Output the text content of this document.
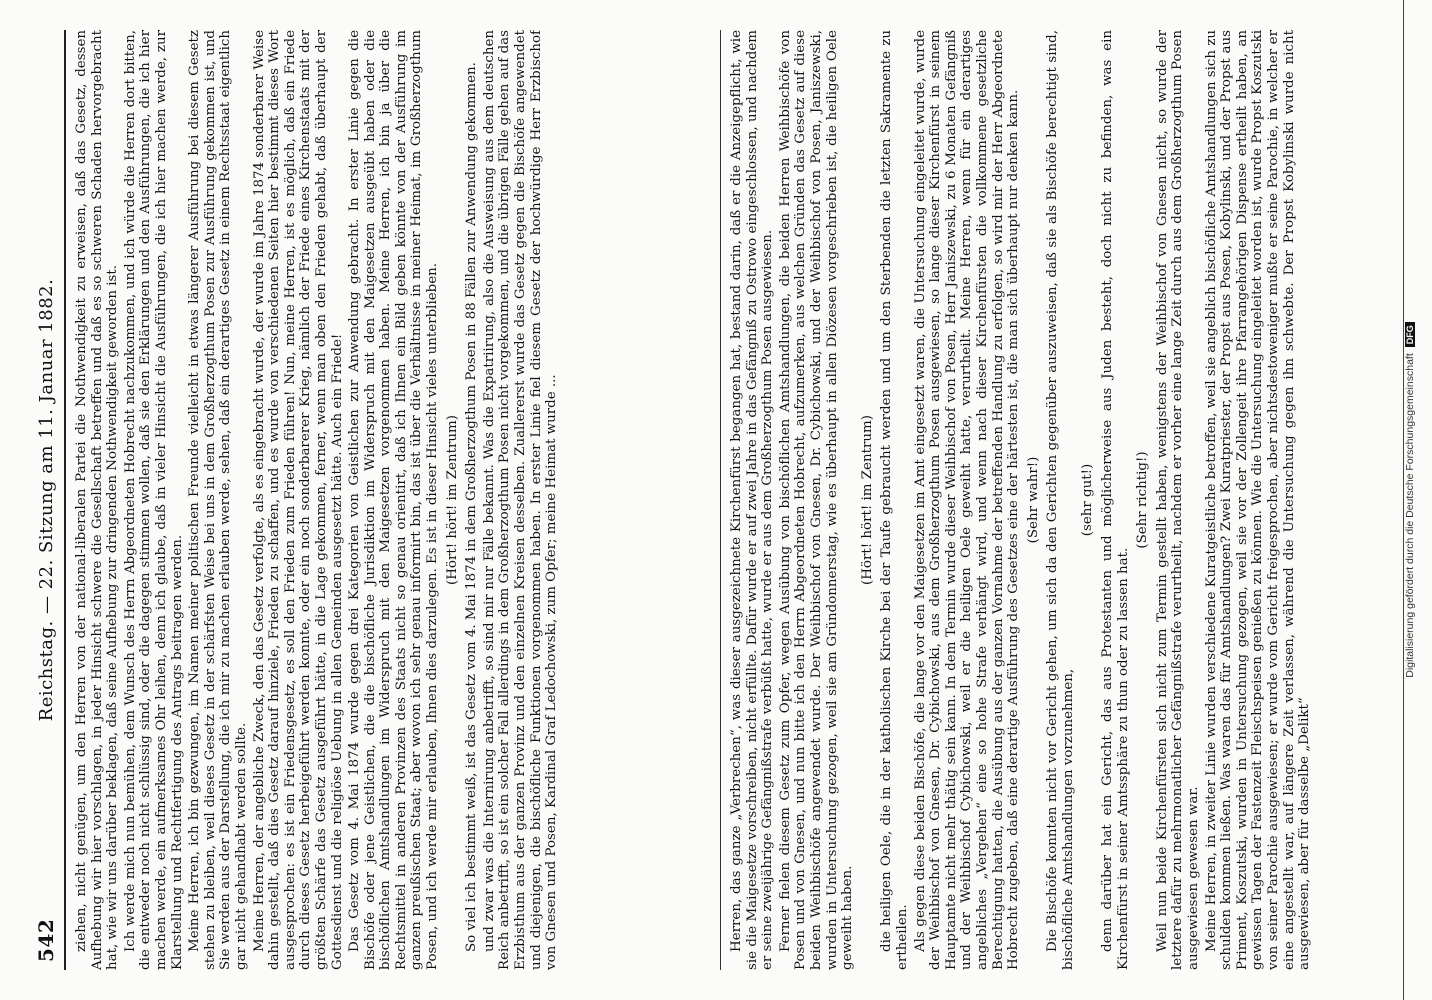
542
Reichstag. — 22. Sitzung am 11. Januar 1882. ziehen, nicht genügen, um den Herren von der national-liberalen Partei die Nothwendigkeit zu erweisen, daß das Gesetz, dessen Aufhebung wir hier vorschlagen, in jeder Hinsicht schwere die Gesellschaft betreffen und daß es so schweren Schaden hervorgebracht hat, wie wir uns darüber beklagen, daß seine Aufhebung zur dringenden Nothwendigkeit geworden ist. Ich werde mich nun bemühen, dem Wunsch des Herrn Abgeordneten Hobrecht nachzukommen, und ich würde die Herren dort bitten, die entweder noch nicht schlüssig sind, oder die dagegen stimmen wollen, daß sie den Erklärungen und den Ausführungen, die ich hier machen werde, ein aufmerksames Ohr leihen, denn ich glaube, daß in vieler Hinsicht die Ausführungen, die ich hier machen werde, zur Klarstellung und Rechtfertigung des Antrags beitragen werden. Meine Herren, ich bin gezwungen, im Namen meiner politischen Freunde vielleicht in etwas längerer Ausführung bei diesem Gesetz stehen zu bleiben, weil dieses Gesetz in der schärfsten Weise bei uns in dem Großherzogthum Posen zur Ausführung gekommen ist, und Sie werden aus der Darstellung, die ich mir zu machen erlauben werde, sehen, daß ein derartiges Gesetz in einem Rechtsstaat eigentlich gar nicht gehandhabt werden sollte. Meine Herren, der angebliche Zweck, den das Gesetz verfolgte, als es eingebracht wurde, der wurde im Jahre 1874 sonderbarer Weise dahin gestellt, daß dies Gesetz darauf hinziele, Frieden zu schaffen, und es wurde von verschiedenen Seiten hier bestimmt dieses Wort ausgesprochen: es ist ein Friedensgesetz, es soll den Frieden zum Frieden führen! Nun, meine Herren, ist es möglich, daß ein Friede durch dieses Gesetz herbeigeführt werden konnte, oder ein noch sonderbarerer Krieg, nämlich der Friede eines Kirchenstaats mit der größten Schärfe das Gesetz ausgeführt hätte, in die Lage gekommen, ferner, wenn man oben den Frieden gehabt, daß überhaupt der Gottesdienst und die religiöse Uebung in allen Gemeinden ausgesetzt hätte. Auch ein Friede! Das Gesetz vom 4. Mai 1874 wurde gegen drei Kategorien von Geistlichen zur Anwendung gebracht. In erster Linie gegen die Bischöfe oder jene Geistlichen, die die bischöfliche Jurisdiktion im Widerspruch mit den Maigesetzen ausgeübt haben oder die bischöflichen Amtshandlungen im Widerspruch mit den Maigesetzen vorgenommen haben. Meine Herren, ich bin ja über die Rechtsmittel in anderen Provinzen des Staats nicht so genau orientirt, daß ich Ihnen ein Bild geben könnte von der Ausführung im ganzen preußischen Staat; aber wovon ich sehr genau informirt bin, das ist über die Verhältnisse in meiner Heimat, im Großherzogthum Posen, und ich werde mir erlauben, Ihnen dies darzulegen. Es ist in dieser Hinsicht vieles unterblieben. (Hört! hört! im Zentrum) So viel ich bestimmt weiß, ist das Gesetz vom 4. Mai 1874 in dem Großherzogthum Posen in 88 Fällen zur Anwendung gekommen. und zwar was die Internirung anbetrifft, so sind mir nur Fälle bekannt. Was die Expatriirung, also die Ausweisung aus dem deutschen Reich anbetrifft, so ist ein solcher Fall allerdings in dem Großherzogthum Posen nicht vorgekommen, und die übrigen Fälle gehen auf das Erzbisthum aus der ganzen Provinz und den einzelnen Kreisen desselben. Zuallererst wurde das Gesetz gegen die Bischöfe angewendet und diejenigen, die bischöfliche Funktionen vorgenommen haben. In erster Linie fiel diesem Gesetz der hochwürdige Herr Erzbischof von Gnesen und Posen, Kardinal Graf Ledochowski, zum Opfer; meine Heimat wurde ...	Herren, das ganze „Verbrechen“, was dieser ausgezeichnete Kirchenfürst begangen hat, bestand darin, daß er die Anzeigepflicht, wie sie die Maigesetze vorschreiben, nicht erfüllte. Dafür wurde er auf zwei Jahre in das Gefängniß zu Ostrowo eingeschlossen, und nachdem er seine zweijährige Gefängnißstrafe verbüßt hatte, wurde er aus dem Großherzogthum Posen ausgewiesen. Ferner fielen diesem Gesetz zum Opfer, wegen Ausübung von bischöflichen Amtshandlungen, die beiden Herren Weihbischöfe von Posen und von Gnesen, und nun bitte ich den Herrn Abgeordneten Hobrecht, aufzumerken, aus welchen Gründen das Gesetz auf diese beiden Weihbischöfe angewendet wurde. Der Weihbischof von Gnesen, Dr. Cybichowski, und der Weihbischof von Posen, Janiszewski, wurden in Untersuchung gezogen, weil sie am Gründonnerstag, wie es überhaupt in allen Diözesen vorgeschrieben ist, die heiligen Oele geweiht haben.

(Hört! hört! im Zentrum) die heiligen Oele, die in der katholischen Kirche bei der Taufe gebraucht werden und um den Sterbenden die letzten Sakramente zu ertheilen. Als gegen diese beiden Bischöfe, die lange vor den Maigesetzen im Amt eingesetzt waren, die Untersuchung eingeleitet wurde, wurde der Weihbischof von Gnesen, Dr. Cybichowski, aus dem Großherzogthum Posen ausgewiesen, so lange dieser Kirchenfürst in seinem Hauptamte nicht mehr thätig sein kann. In dem Termin wurde dieser Weihbischof von Posen, Herr Janiszewski, zu 6 Monaten Gefängniß und der Weihbischof Cybichowski, weil er die heiligen Oele geweiht hatte, verurtheilt. Meine Herren, wenn für ein derartiges angebliches „Vergehen“ eine so hohe Strafe verhängt wird, und wenn nach dieser Kirchenfürsten die vollkommene gesetzliche Berechtigung hatten, die Ausübung aus der ganzen Vornahme der betreffenden Handlung zu erfolgen, so wird mir der Herr Abgeordnete Hobrecht zugeben, daß eine derartige Ausführung des Gesetzes eine der härtesten ist, die man sich überhaupt nur denken kann. (Sehr wahr!) Die Bischöfe konnten nicht vor Gericht gehen, um sich da den Gerichten gegenüber auszuweisen, daß sie als Bischöfe berechtigt sind, bischöfliche Amtshandlungen vorzunehmen,

(sehr gut!) denn darüber hat ein Gericht, das aus Protestanten und möglicherweise aus Juden besteht, doch nicht zu befinden, was ein Kirchenfürst in seiner Amtssphäre zu thun oder zu lassen hat.

(Sehr richtig!) Weil nun beide Kirchenfürsten sich nicht zum Termin gestellt haben, wenigstens der Weihbischof von Gnesen nicht, so wurde der letztere dafür zu mehrmonatlicher Gefängnißstrafe verurtheilt, nachdem er vorher eine lange Zeit durch aus dem Großherzogthum Posen ausgewiesen gewesen war. Meine Herren, in zweiter Linie wurden verschiedene Kuratgeistliche betroffen, weil sie angeblich bischöfliche Amtshandlungen sich zu schulden kommen ließen. Was waren das für Amtshandlungen? Zwei Kuratpriester, der Propst aus Posen, Kobylinski, und der Propst aus Priment, Koszutski, wurden in Untersuchung gezogen, weil sie vor der Zollengeit ihre Pfarrangehörigen Dispense ertheilt haben, an gewissen Tagen der Fastenzeit Fleischspeisen genießen zu können. Wie die Untersuchung eingeleitet worden ist, wurde Propst Koszutski von seiner Parochie ausgewiesen; er wurde vom Gericht freigesprochen, aber nichtsdestoweniger mußte er seine Parochie, in welcher er eine angestellt war, auf längere Zeit verlassen, während die Untersuchung gegen ihn schwebte. Der Propst Kobylinski wurde nicht ausgewiesen, aber für dasselbe „Delikt“

Digitalisierung gefördert durch die Deutsche ForschungsgemeinschaftDFG
